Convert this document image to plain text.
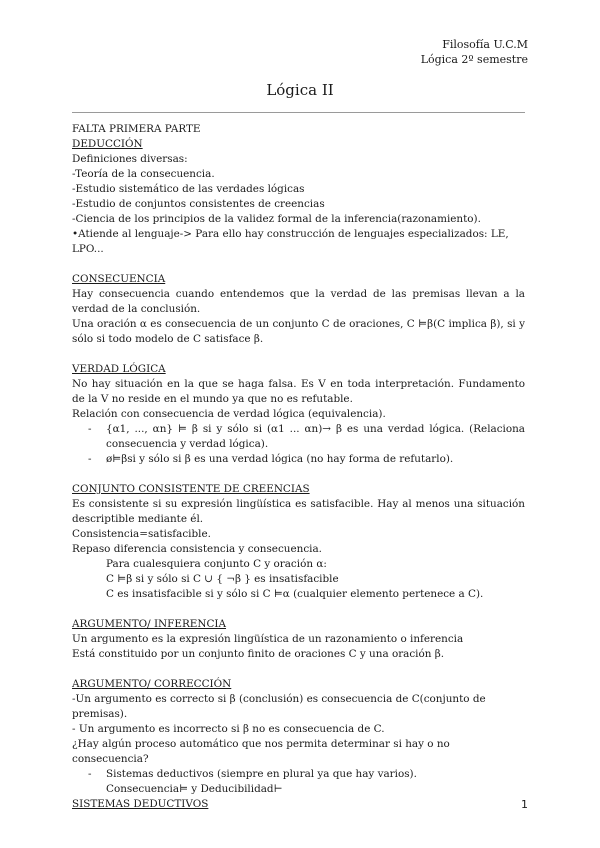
Filosofía U.C.M
Lógica 2º semestre
Lógica II

FALTA PRIMERA PARTE

DEDUCCIÓN

Definiciones diversas:

-Teoría de la consecuencia.

-Estudio sistemático de las verdades lógicas

-Estudio de conjuntos consistentes de creencias

-Ciencia de los principios de la validez formal de la inferencia(razonamiento).

•Atiende al lenguaje-> Para ello hay construcción de lenguajes especializados: LE, LPO...

CONSECUENCIA

Hay consecuencia cuando entendemos que la verdad de las premisas llevan a la verdad de la conclusión.

Una oración α es consecuencia de un conjunto C de oraciones, C ⊨β(C implica β), si y sólo si todo modelo de C satisface β.

VERDAD LÓGICA

No hay situación en la que se haga falsa. Es V en toda interpretación. Fundamento de la V no reside en el mundo ya que no es refutable.

Relación con consecuencia de verdad lógica (equivalencia).

- {α1, ..., αn} ⊨ β si y sólo si (α1 ... αn)→ β es una verdad lógica. (Relaciona consecuencia y verdad lógica).

- ø⊨βsi y sólo si β es una verdad lógica (no hay forma de refutarlo).

CONJUNTO CONSISTENTE DE CREENCIAS

Es consistente si su expresión lingüística es satisfacible. Hay al menos una situación descriptible mediante él.

Consistencia=satisfacible.

Repaso diferencia consistencia y consecuencia.

Para cualesquiera conjunto C y oración α:

C ⊨β si y sólo si C ∪ { ¬β } es insatisfacible

C es insatisfacible si y sólo si C ⊨α (cualquier elemento pertenece a C).

ARGUMENTO/ INFERENCIA

Un argumento es la expresión lingüística de un razonamiento o inferencia

Está constituido por un conjunto finito de oraciones C y una oración β.

ARGUMENTO/ CORRECCIÓN

-Un argumento es correcto si β (conclusión) es consecuencia de C(conjunto de premisas).

- Un argumento es incorrecto si β no es consecuencia de C.

¿Hay algún proceso automático que nos permita determinar si hay o no consecuencia?

- Sistemas deductivos (siempre en plural ya que hay varios).

Consecuencia⊨ y Deducibilidad⊢

SISTEMAS DEDUCTIVOS	1
